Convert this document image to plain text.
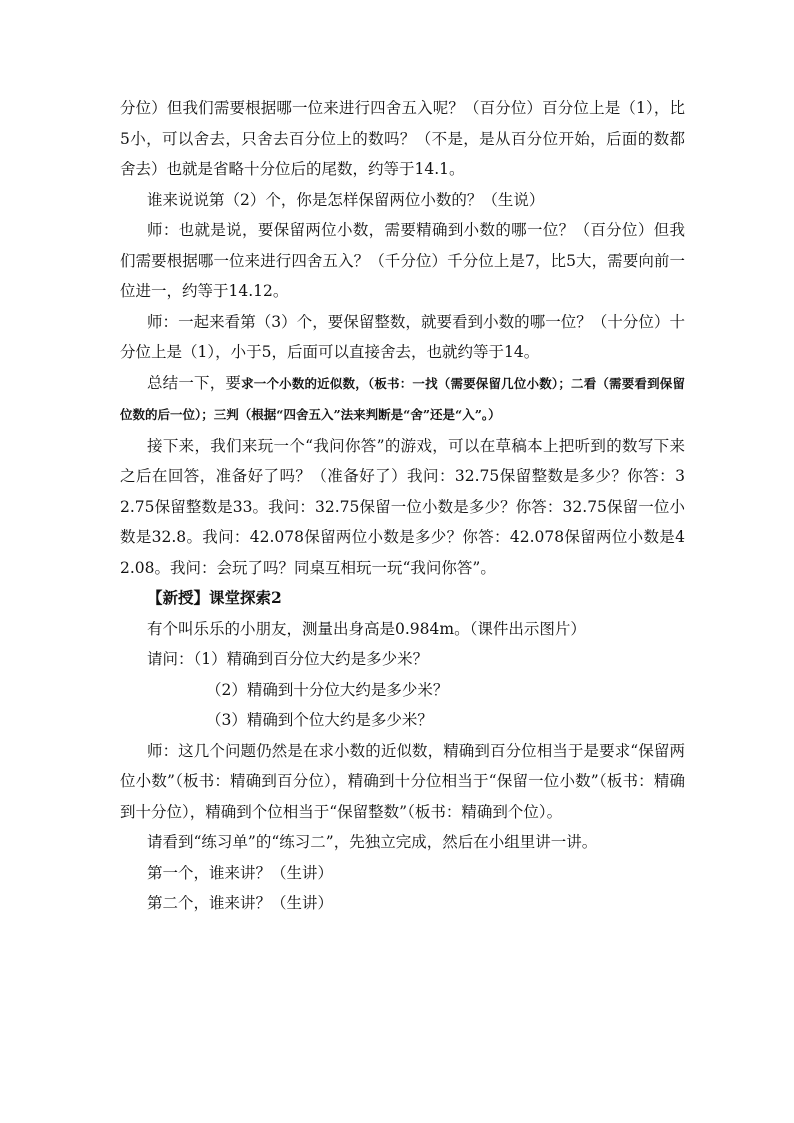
分位）但我们需要根据哪一位来进行四舍五入呢？（百分位）百分位上是（1），比5小，可以舍去，只舍去百分位上的数吗？（不是，是从百分位开始，后面的数都舍去）也就是省略十分位后的尾数，约等于14.1。

谁来说说第（2）个，你是怎样保留两位小数的？（生说）

师：也就是说，要保留两位小数，需要精确到小数的哪一位？（百分位）但我们需要根据哪一位来进行四舍五入？（千分位）千分位上是7，比5大，需要向前一位进一，约等于14.12。

师：一起来看第（3）个，要保留整数，就要看到小数的哪一位？（十分位）十分位上是（1），小于5，后面可以直接舍去，也就约等于14。

总结一下，要求一个小数的近似数，（板书：一找（需要保留几位小数）；二看（需要看到保留位数的后一位）；三判（根据“四舍五入”法来判断是“舍”还是“入”。）

接下来，我们来玩一个“我问你答”的游戏，可以在草稿本上把听到的数写下来之后在回答，准备好了吗？（准备好了）我问：32.75保留整数是多少？你答：32.75保留整数是33。我问：32.75保留一位小数是多少？你答：32.75保留一位小数是32.8。我问：42.078保留两位小数是多少？你答：42.078保留两位小数是42.08。我问：会玩了吗？同桌互相玩一玩“我问你答”。

【新授】课堂探索2

有个叫乐乐的小朋友，测量出身高是0.984m。（课件出示图片）

请问：（1）精确到百分位大约是多少米？

（2）精确到十分位大约是多少米？

（3）精确到个位大约是多少米？

师：这几个问题仍然是在求小数的近似数，精确到百分位相当于是要求“保留两位小数”（板书：精确到百分位），精确到十分位相当于“保留一位小数”（板书：精确到十分位），精确到个位相当于“保留整数”（板书：精确到个位）。

请看到“练习单”的“练习二”，先独立完成，然后在小组里讲一讲。

第一个，谁来讲？（生讲）

第二个，谁来讲？（生讲）
